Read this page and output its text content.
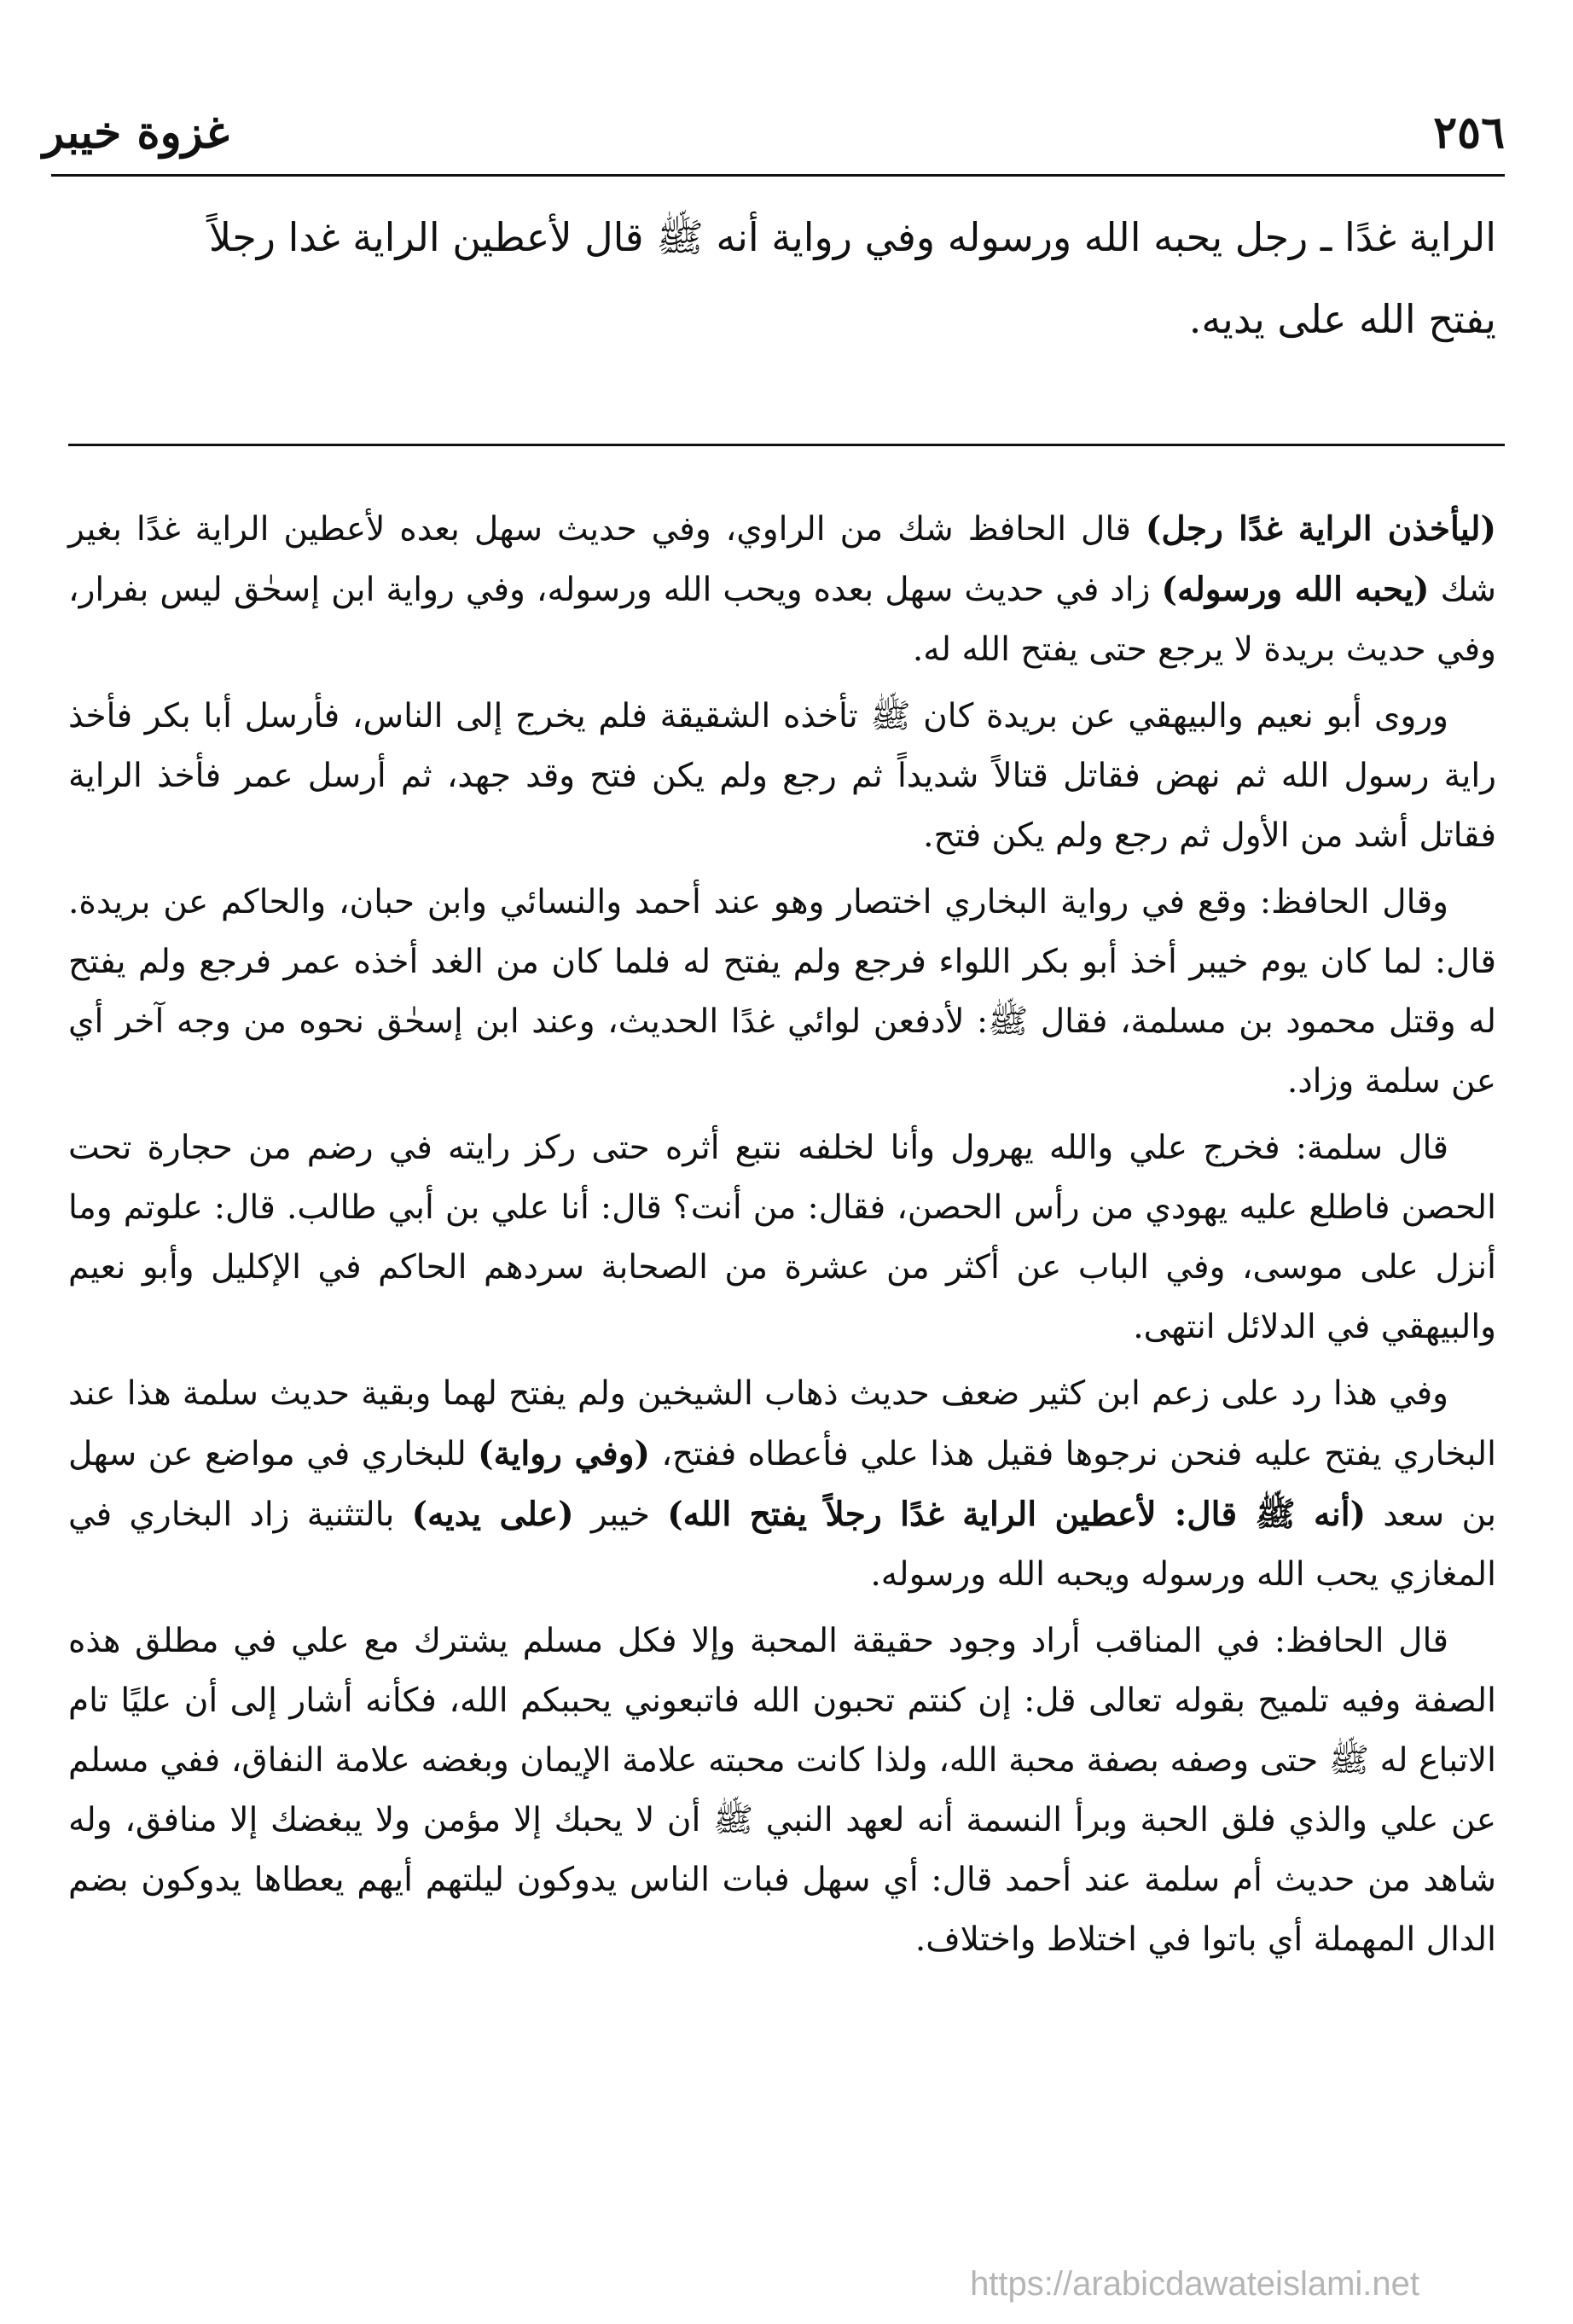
٢٥٦
غزوة خيبر

الراية غدًا ـ رجل يحبه الله ورسوله وفي رواية أنه ﷺ قال لأعطين الراية غدا رجلاً

يفتح الله على يديه.

(ليأخذن الراية غدًا رجل) قال الحافظ شك من الراوي، وفي حديث سهل بعده لأعطين الراية غدًا بغير شك (يحبه الله ورسوله) زاد في حديث سهل بعده ويحب الله ورسوله، وفي رواية ابن إسحٰق ليس بفرار، وفي حديث بريدة لا يرجع حتى يفتح الله له.

وروى أبو نعيم والبيهقي عن بريدة كان ﷺ تأخذه الشقيقة فلم يخرج إلى الناس، فأرسل أبا بكر فأخذ راية رسول الله ثم نهض فقاتل قتالاً شديداً ثم رجع ولم يكن فتح وقد جهد، ثم أرسل عمر فأخذ الراية فقاتل أشد من الأول ثم رجع ولم يكن فتح.

وقال الحافظ: وقع في رواية البخاري اختصار وهو عند أحمد والنسائي وابن حبان، والحاكم عن بريدة. قال: لما كان يوم خيبر أخذ أبو بكر اللواء فرجع ولم يفتح له فلما كان من الغد أخذه عمر فرجع ولم يفتح له وقتل محمود بن مسلمة، فقال ﷺ: لأدفعن لوائي غدًا الحديث، وعند ابن إسحٰق نحوه من وجه آخر أي عن سلمة وزاد.

قال سلمة: فخرج علي والله يهرول وأنا لخلفه نتبع أثره حتى ركز رايته في رضم من حجارة تحت الحصن فاطلع عليه يهودي من رأس الحصن، فقال: من أنت؟ قال: أنا علي بن أبي طالب. قال: علوتم وما أنزل على موسى، وفي الباب عن أكثر من عشرة من الصحابة سردهم الحاكم في الإكليل وأبو نعيم والبيهقي في الدلائل انتهى.

وفي هذا رد على زعم ابن كثير ضعف حديث ذهاب الشيخين ولم يفتح لهما وبقية حديث سلمة هذا عند البخاري يفتح عليه فنحن نرجوها فقيل هذا علي فأعطاه ففتح، (وفي رواية) للبخاري في مواضع عن سهل بن سعد (أنه ﷺ قال: لأعطين الراية غدًا رجلاً يفتح الله) خيبر (على يديه) بالتثنية زاد البخاري في المغازي يحب الله ورسوله ويحبه الله ورسوله.

قال الحافظ: في المناقب أراد وجود حقيقة المحبة وإلا فكل مسلم يشترك مع علي في مطلق هذه الصفة وفيه تلميح بقوله تعالى قل: إن كنتم تحبون الله فاتبعوني يحببكم الله، فكأنه أشار إلى أن عليًا تام الاتباع له ﷺ حتى وصفه بصفة محبة الله، ولذا كانت محبته علامة الإيمان وبغضه علامة النفاق، ففي مسلم عن علي والذي فلق الحبة وبرأ النسمة أنه لعهد النبي ﷺ أن لا يحبك إلا مؤمن ولا يبغضك إلا منافق، وله شاهد من حديث أم سلمة عند أحمد قال: أي سهل فبات الناس يدوكون ليلتهم أيهم يعطاها يدوكون بضم الدال المهملة أي باتوا في اختلاط واختلاف.

https://arabicdawateislami.net
